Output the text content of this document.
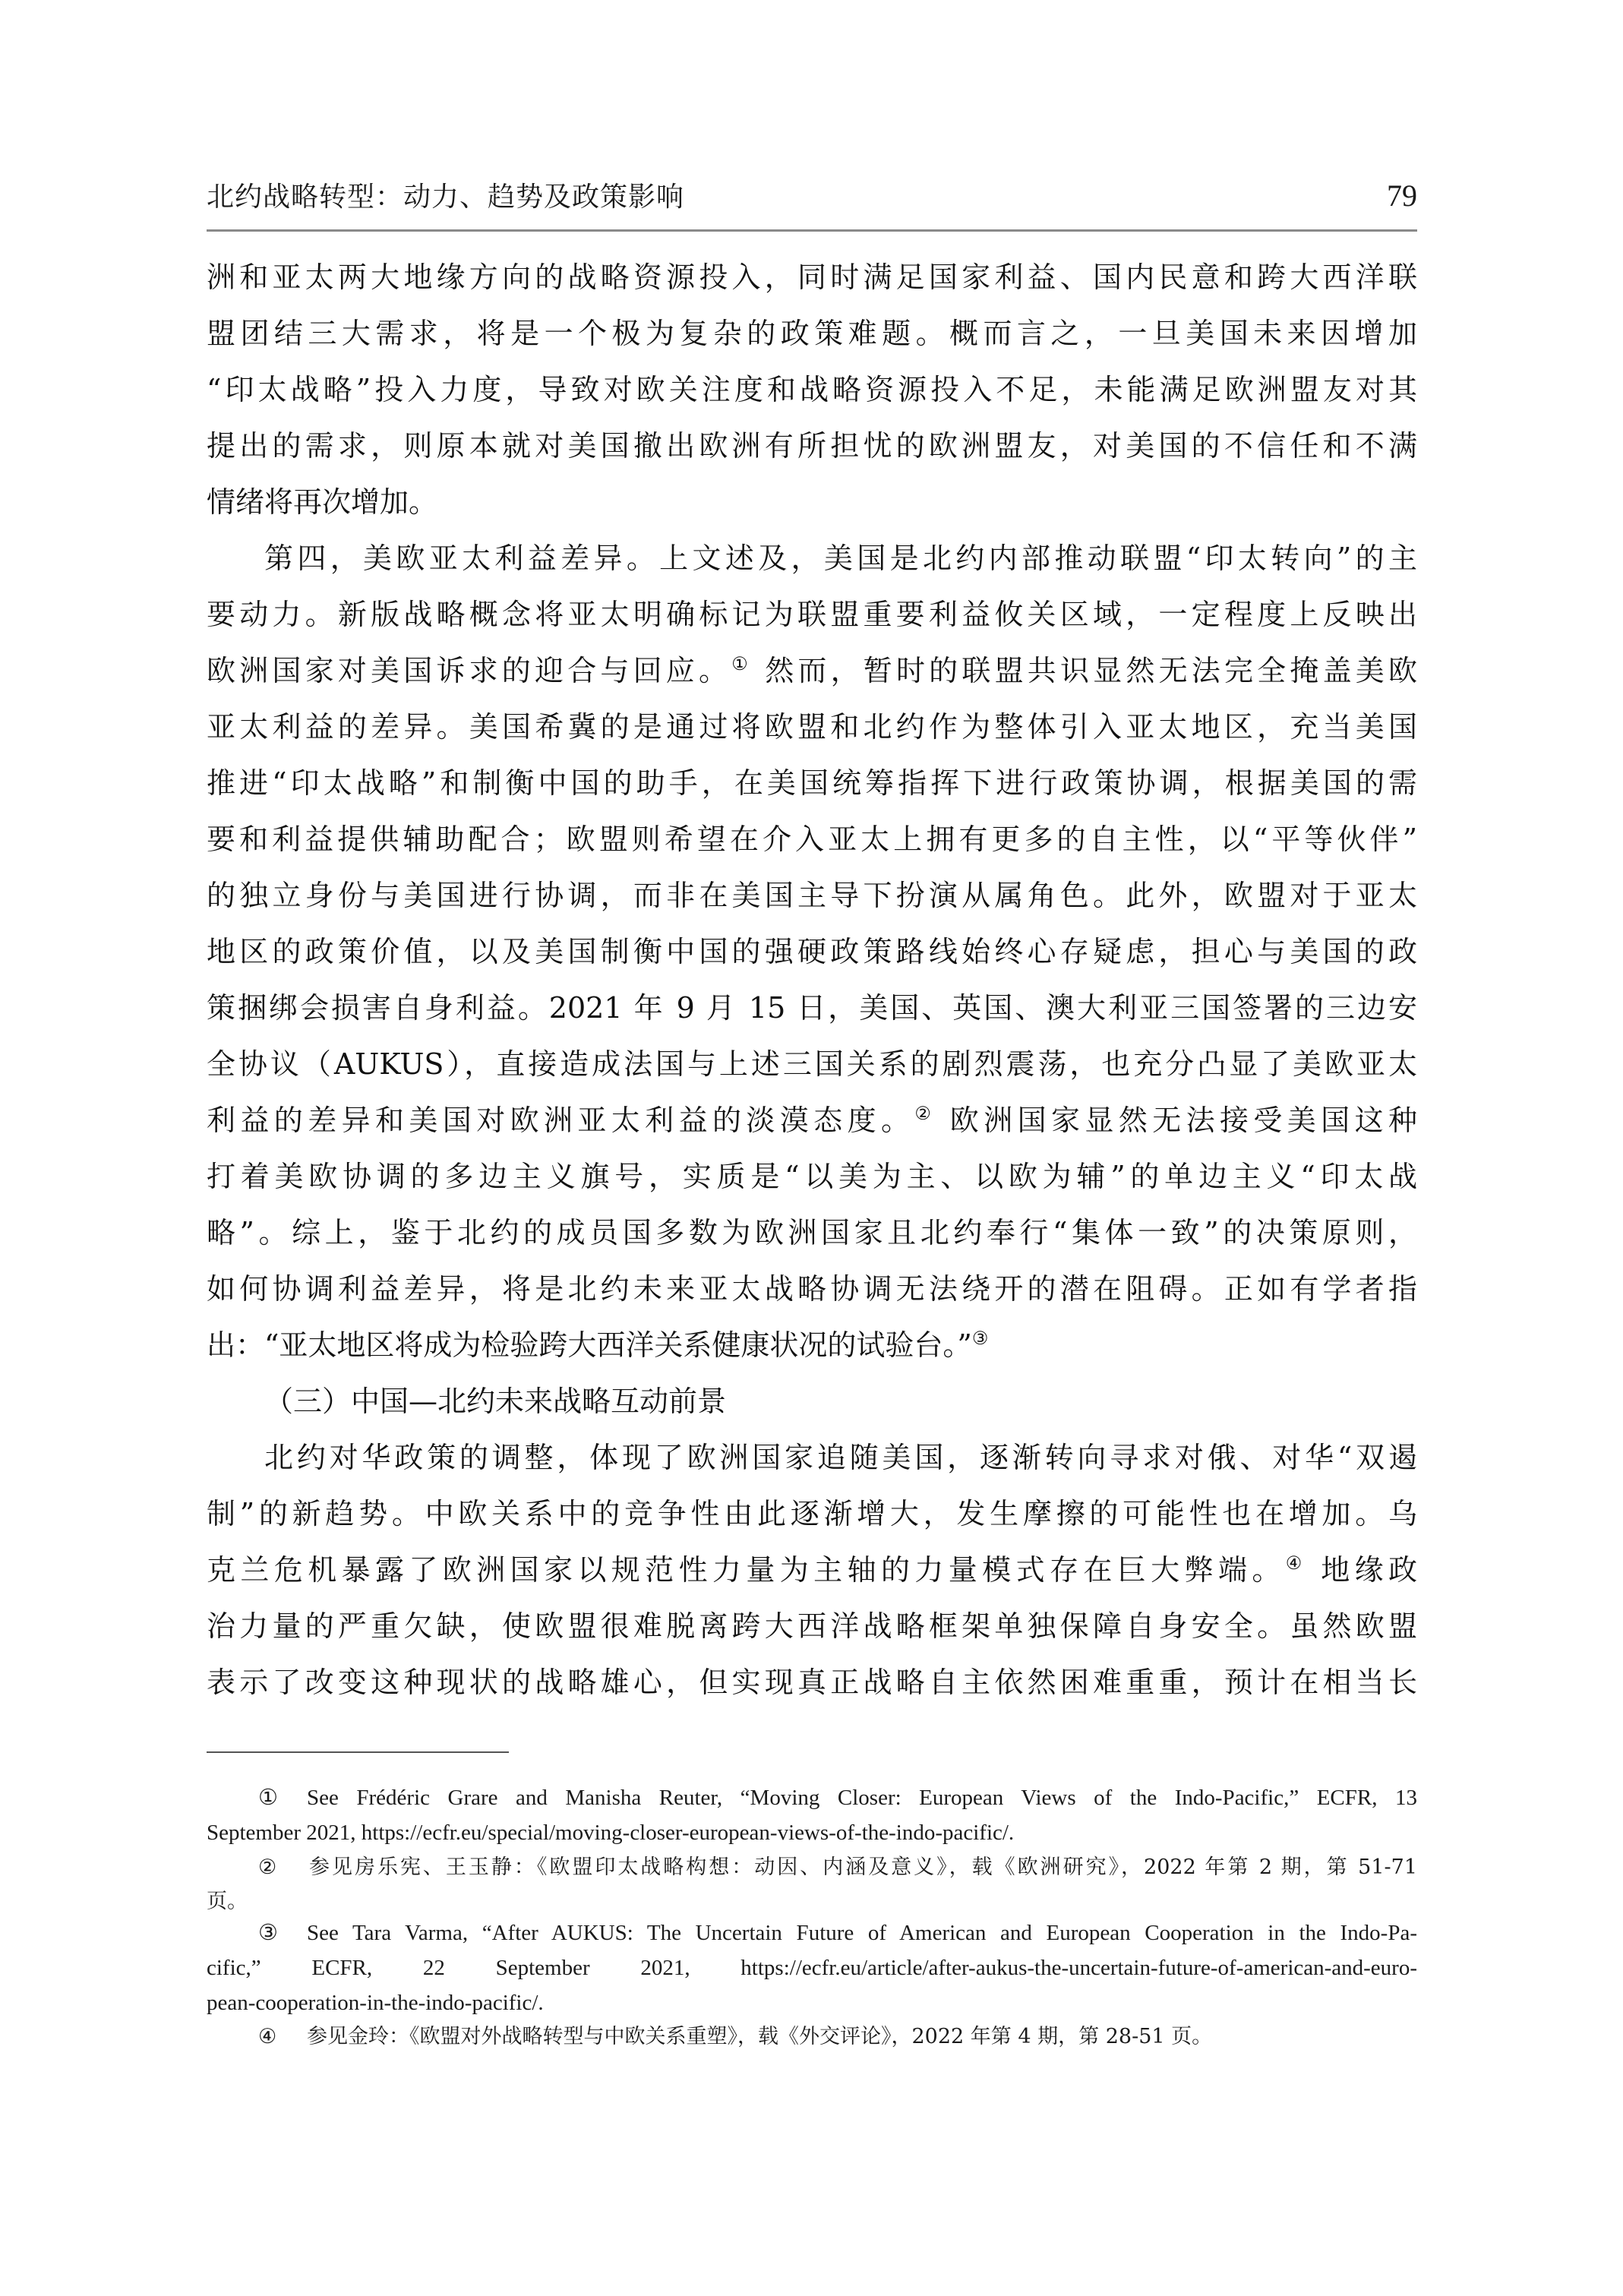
北约战略转型：动力、趋势及政策影响	79
洲和亚太两大地缘方向的战略资源投入，同时满足国家利益、国内民意和跨大西洋联
盟团结三大需求，将是一个极为复杂的政策难题。概而言之，一旦美国未来因增加
“印太战略”投入力度，导致对欧关注度和战略资源投入不足，未能满足欧洲盟友对其
提出的需求，则原本就对美国撤出欧洲有所担忧的欧洲盟友，对美国的不信任和不满
情绪将再次增加。
第四，美欧亚太利益差异。上文述及，美国是北约内部推动联盟“印太转向”的主
要动力。新版战略概念将亚太明确标记为联盟重要利益攸关区域，一定程度上反映出
欧洲国家对美国诉求的迎合与回应。① 然而，暂时的联盟共识显然无法完全掩盖美欧
亚太利益的差异。美国希冀的是通过将欧盟和北约作为整体引入亚太地区，充当美国
推进“印太战略”和制衡中国的助手，在美国统筹指挥下进行政策协调，根据美国的需
要和利益提供辅助配合；欧盟则希望在介入亚太上拥有更多的自主性，以“平等伙伴”
的独立身份与美国进行协调，而非在美国主导下扮演从属角色。此外，欧盟对于亚太
地区的政策价值，以及美国制衡中国的强硬政策路线始终心存疑虑，担心与美国的政
策捆绑会损害自身利益。2021 年 9 月 15 日，美国、英国、澳大利亚三国签署的三边安
全协议（AUKUS），直接造成法国与上述三国关系的剧烈震荡，也充分凸显了美欧亚太
利益的差异和美国对欧洲亚太利益的淡漠态度。② 欧洲国家显然无法接受美国这种
打着美欧协调的多边主义旗号，实质是“以美为主、以欧为辅”的单边主义“印太战
略”。综上，鉴于北约的成员国多数为欧洲国家且北约奉行“集体一致”的决策原则，
如何协调利益差异，将是北约未来亚太战略协调无法绕开的潜在阻碍。正如有学者指
出：“亚太地区将成为检验跨大西洋关系健康状况的试验台。”③
（三）中国—北约未来战略互动前景
北约对华政策的调整，体现了欧洲国家追随美国，逐渐转向寻求对俄、对华“双遏
制”的新趋势。中欧关系中的竞争性由此逐渐增大，发生摩擦的可能性也在增加。乌
克兰危机暴露了欧洲国家以规范性力量为主轴的力量模式存在巨大弊端。④ 地缘政
治力量的严重欠缺，使欧盟很难脱离跨大西洋战略框架单独保障自身安全。虽然欧盟
表示了改变这种现状的战略雄心，但实现真正战略自主依然困难重重，预计在相当长
① See Frédéric Grare and Manisha Reuter, “Moving Closer: European Views of the Indo-Pacific,” ECFR, 13
September 2021, https://ecfr.eu/special/moving-closer-european-views-of-the-indo-pacific/.
② 参见房乐宪、王玉静：《欧盟印太战略构想：动因、内涵及意义》，载《欧洲研究》，2022 年第 2 期，第 51-71
页。
③ See Tara Varma, “After AUKUS: The Uncertain Future of American and European Cooperation in the Indo-Pa-
cific,” ECFR, 22 September 2021, https://ecfr.eu/article/after-aukus-the-uncertain-future-of-american-and-euro-
pean-cooperation-in-the-indo-pacific/.
④ 参见金玲：《欧盟对外战略转型与中欧关系重塑》，载《外交评论》，2022 年第 4 期，第 28-51 页。
